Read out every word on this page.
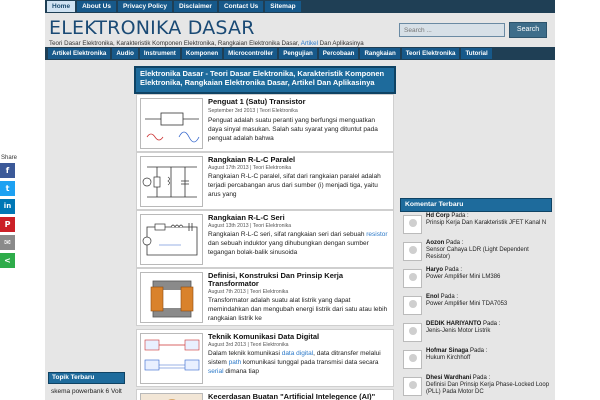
Home	About Us	Privacy Policy	Disclaimer	Contact Us	Sitemap
ELEKTRONIKA DASAR
Teori Dasar Elektronika, Karakteristik Komponen Elektronika, Rangkaian Elektronika Dasar, Artikel Dan Aplikasinya
Search ...
Search
Artikel Elektronika	Audio	Instrument	Komponen	Microcontroller	Pengujian	Percobaan	Rangkaian	Teori Elektronika	Tutorial
Elektronika Dasar - Teori Dasar Elektronika, Karakteristik Komponen Elektronika, Rangkaian Elektronika Dasar, Artikel Dan Aplikasinya
Penguat 1 (Satu) Transistor
September 3rd 2013 | Teori Elektronika
Penguat adalah suatu peranti yang berfungsi menguatkan daya sinyal masukan. Salah satu syarat yang dituntut pada penguat adalah bahwa
Rangkaian R-L-C Paralel
August 17th 2013 | Teori Elektronika
Rangkaian R-L-C paralel, sifat dari rangkaian paralel adalah terjadi percabangan arus dari sumber (i) menjadi tiga, yaitu arus yang
Rangkaian R-L-C Seri
August 13th 2013 | Teori Elektronika
Rangkaian R-L-C seri, sifat rangkaian seri dari sebuah resistor dan sebuah induktor yang dihubungkan dengan sumber tegangan bolak-balik sinusoida
Definisi, Konstruksi Dan Prinsip Kerja Transformator
August 7th 2013 | Teori Elektronika
Transformator adalah suatu alat listrik yang dapat memindahkan dan mengubah energi listrik dari satu atau lebih rangkaian listrik ke
Teknik Komunikasi Data Digital
August 3rd 2013 | Teori Elektronika
Dalam teknik komunikasi data digital, data ditransfer melalui sistem path komunikasi tunggal pada transmisi data secara serial dimana tiap
Kecerdasan Buatan "Artificial Intelegence (AI)"
Komentar Terbaru
Hd Corp Pada :
Prinsip Kerja Dan Karakteristik JFET Kanal N
Aozon Pada :
Sensor Cahaya LDR (Light Dependent Resistor)
Haryo Pada :
Power Amplifier Mini LM386
Enol Pada :
Power Amplifier Mini TDA7053
DEDIK HARIYANTO Pada :
Jenis-Jenis Motor Listrik
Hofmar Sinaga Pada :
Hukum Kirchhoff
Dhesi Wardhani Pada :
Definisi Dan Prinsip Kerja Phase-Locked Loop (PLL) Pada Motor DC
Topik Terbaru
skema powerbank 6 Volt
Share
f
t
in
P
✉
<
